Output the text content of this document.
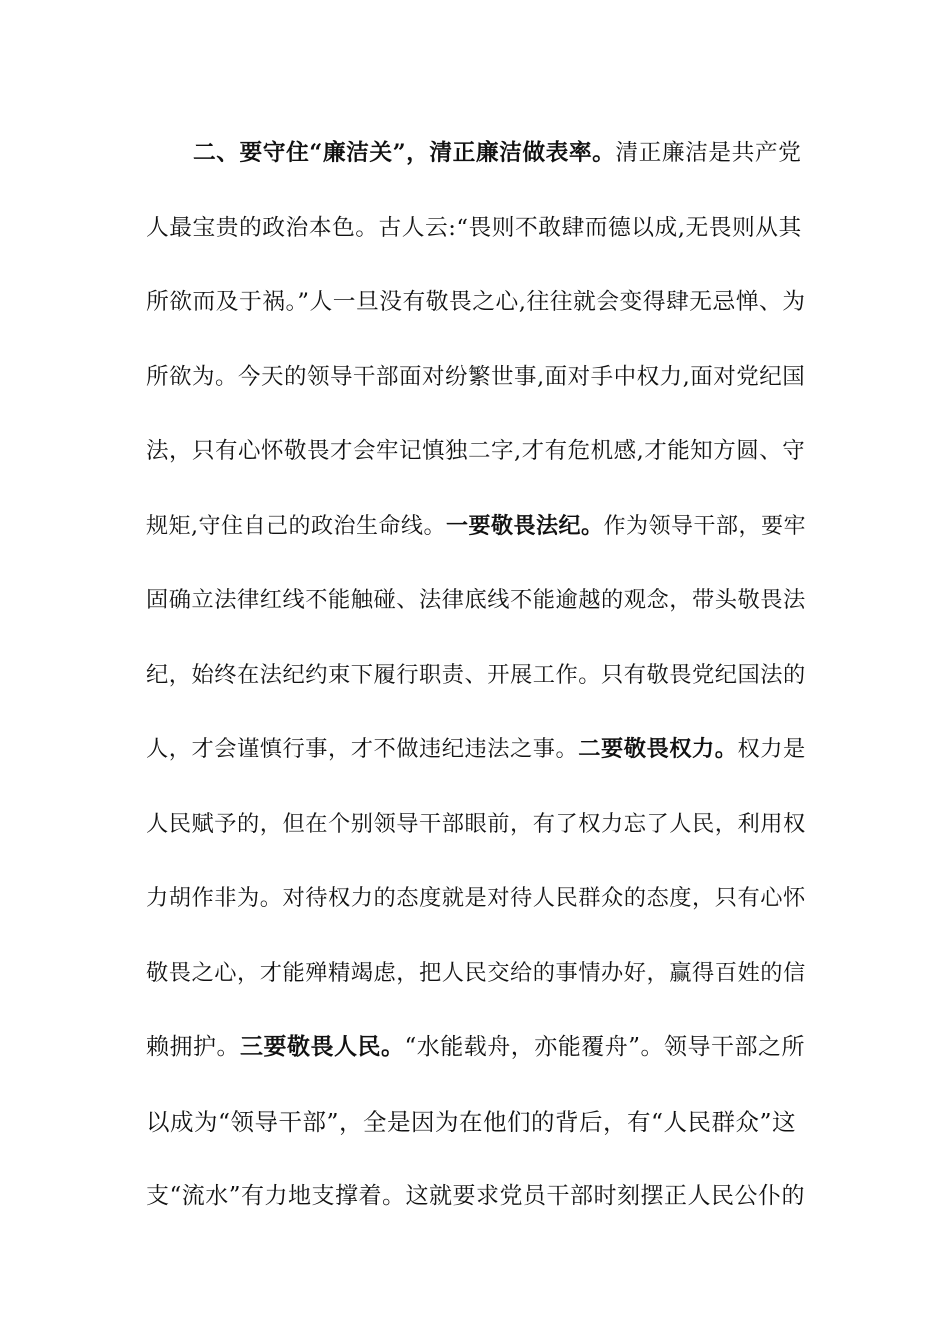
二、要守住“廉洁关”，清正廉洁做表率。清正廉洁是共产党
人最宝贵的政治本色。古人云:“畏则不敢肆而德以成,无畏则从其
所欲而及于祸。”人一旦没有敬畏之心,往往就会变得肆无忌惮、为
所欲为。今天的领导干部面对纷繁世事,面对手中权力,面对党纪国
法，只有心怀敬畏才会牢记慎独二字,才有危机感,才能知方圆、守
规矩,守住自己的政治生命线。一要敬畏法纪。作为领导干部，要牢
固确立法律红线不能触碰、法律底线不能逾越的观念，带头敬畏法
纪，始终在法纪约束下履行职责、开展工作。只有敬畏党纪国法的
人，才会谨慎行事，才不做违纪违法之事。二要敬畏权力。权力是
人民赋予的，但在个别领导干部眼前，有了权力忘了人民，利用权
力胡作非为。对待权力的态度就是对待人民群众的态度，只有心怀
敬畏之心，才能殚精竭虑，把人民交给的事情办好，赢得百姓的信
赖拥护。三要敬畏人民。“水能载舟，亦能覆舟”。领导干部之所
以成为“领导干部”，全是因为在他们的背后，有“人民群众”这
支“流水”有力地支撑着。这就要求党员干部时刻摆正人民公仆的
